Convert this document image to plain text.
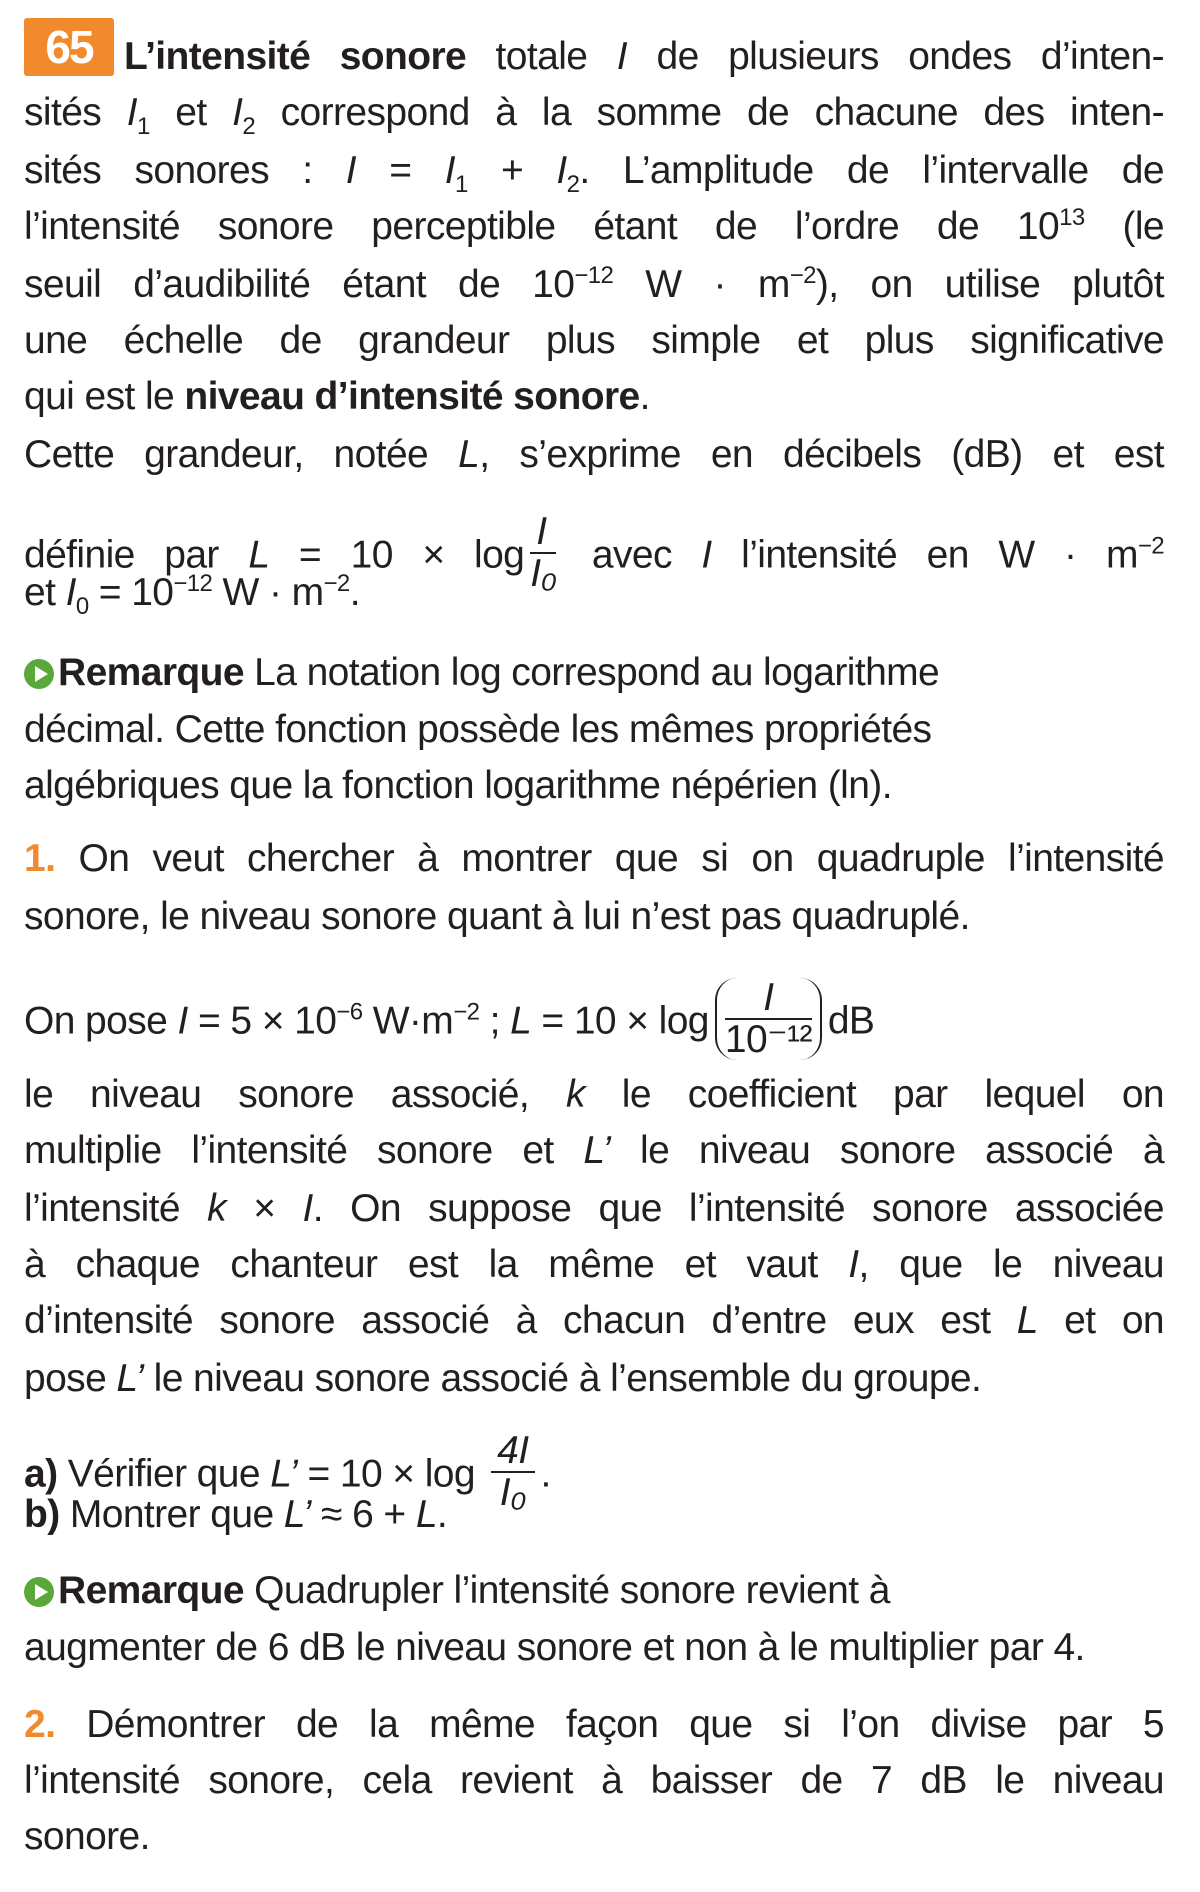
65 L’intensité sonore totale I de plusieurs ondes d’inten-
sités $I_1$ et $I_2$ correspond à la somme de chacune des inten-
sités sonores : $I = I_1 + I_2$. L’amplitude de l’intervalle de
l’intensité sonore perceptible étant de l’ordre de $10^{13}$ (le
seuil d’audibilité étant de $10^{-12}$ $W \cdot m^{-2}$), on utilise plutôt
une échelle de grandeur plus simple et plus significative
qui est le niveau d’intensité sonore.
Cette grandeur, notée L, s’exprime en décibels (dB) et est
définie par $L = 10 \times \log \frac{I}{\text{I₀}}$ avec I l’intensité en $W \cdot m^{-2}$
et $I_0 = 10^{-12}$ $W \cdot m^{-2}$.
Remarque La notation log correspond au logarithme
décimal. Cette fonction possède les mêmes propriétés
algébriques que la fonction logarithme népérien (ln).
1. On veut chercher à montrer que si on quadruple l’intensité
sonore, le niveau sonore quant à lui n’est pas quadruplé.
On pose $I = 5 \times 10^{-6}$ $W\cdot m^{-2}$ ; $L = 10 \times \log \frac{I}{\text{10⁻¹²}}$ dB
le niveau sonore associé, k le coefficient par lequel on
multiplie l’intensité sonore et L’ le niveau sonore associé à
l’intensité k × I. On suppose que l’intensité sonore associée
à chaque chanteur est la même et vaut I, que le niveau
d’intensité sonore associé à chacun d’entre eux est L et on
pose L’ le niveau sonore associé à l’ensemble du groupe.
a) Vérifier que L’ = $10 \times \log \frac{4I}{\text{I₀}}$ .
b) Montrer que L’ ≈ 6 + L.
Remarque Quadrupler l’intensité sonore revient à
augmenter de 6 dB le niveau sonore et non à le multiplier par 4.
2. Démontrer de la même façon que si l’on divise par 5
l’intensité sonore, cela revient à baisser de 7 dB le niveau
sonore.
